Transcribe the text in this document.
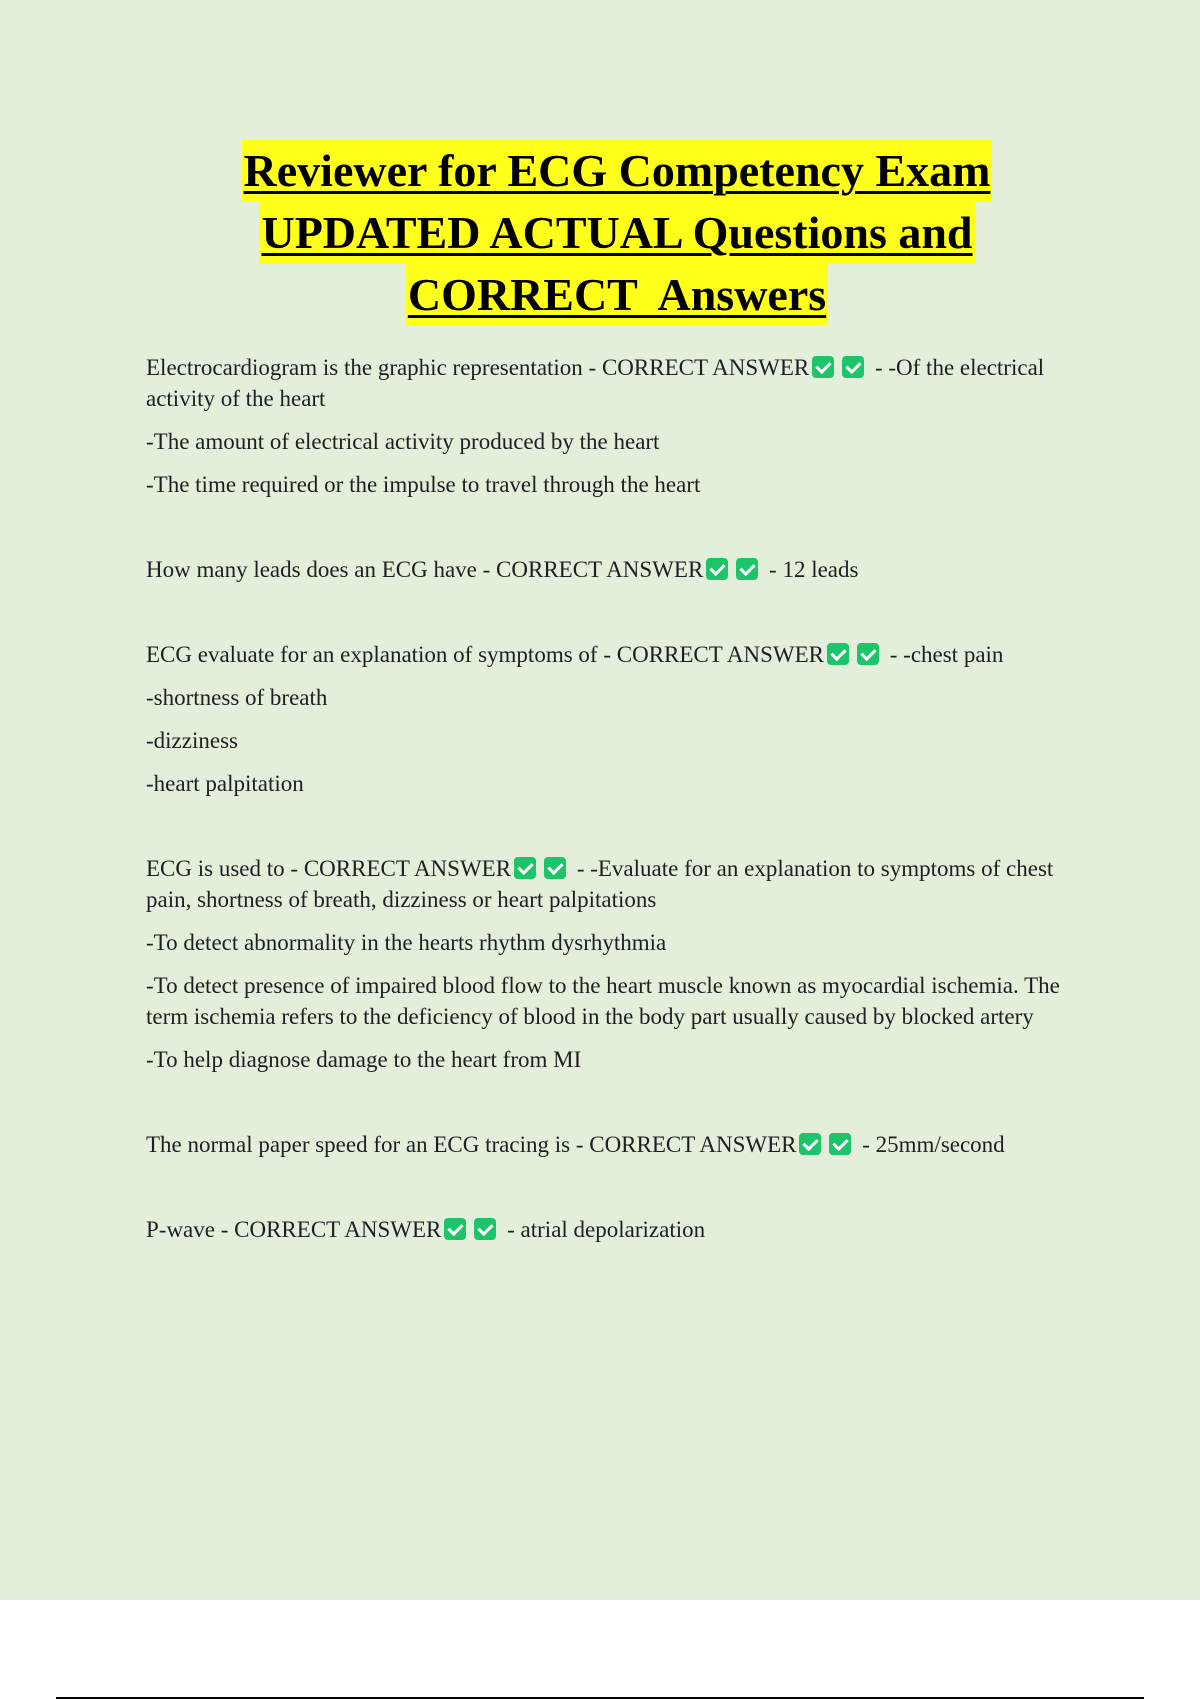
Reviewer for ECG Competency Exam
UPDATED ACTUAL Questions and
CORRECT  Answers

Electrocardiogram is the graphic representation - CORRECT ANSWER	- -Of the electrical activity of the heart

-The amount of electrical activity produced by the heart

-The time required or the impulse to travel through the heart

How many leads does an ECG have - CORRECT ANSWER	- 12 leads

ECG evaluate for an explanation of symptoms of - CORRECT ANSWER	- -chest pain

-shortness of breath

-dizziness

-heart palpitation

ECG is used to - CORRECT ANSWER	- -Evaluate for an explanation to symptoms of chest pain, shortness of breath, dizziness or heart palpitations

-To detect abnormality in the hearts rhythm dysrhythmia

-To detect presence of impaired blood flow to the heart muscle known as myocardial ischemia. The term ischemia refers to the deficiency of blood in the body part usually caused by blocked artery

-To help diagnose damage to the heart from MI

The normal paper speed for an ECG tracing is - CORRECT ANSWER	- 25mm/second

P-wave - CORRECT ANSWER	- atrial depolarization
